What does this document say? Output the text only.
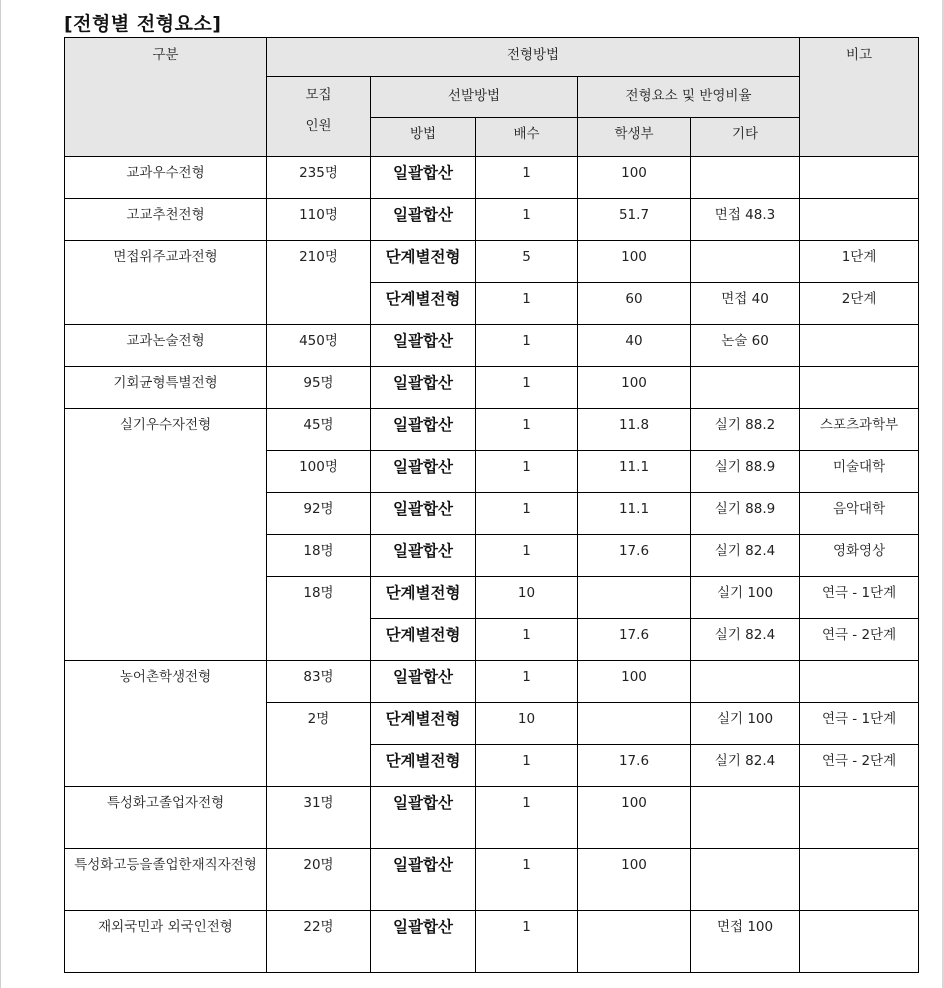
[전형별 전형요소]
구분	전형방법					비고

	모집
인원	선발방법		전형요소 및 반영비율		
		방법	배수	학생부	기타	
교과우수전형	235명	일괄합산	1	100		
고교추천전형	110명	일괄합산	1	51.7	면접 48.3	
면접위주교과전형	210명	단계별전형	5	100		1단계
		단계별전형	1	60	면접 40	2단계
교과논술전형	450명	일괄합산	1	40	논술 60	
기회균형특별전형	95명	일괄합산	1	100		
실기우수자전형	45명	일괄합산	1	11.8	실기 88.2	스포츠과학부
	100명	일괄합산	1	11.1	실기 88.9	미술대학
	92명	일괄합산	1	11.1	실기 88.9	음악대학
	18명	일괄합산	1	17.6	실기 82.4	영화영상
	18명	단계별전형	10		실기 100	연극 - 1단계
		단계별전형	1	17.6	실기 82.4	연극 - 2단계
농어촌학생전형	83명	일괄합산	1	100		
	2명	단계별전형	10		실기 100	연극 - 1단계
		단계별전형	1	17.6	실기 82.4	연극 - 2단계
특성화고졸업자전형	31명	일괄합산	1	100		
특성화고등을졸업한재직자전형	20명	일괄합산	1	100		
재외국민과 외국인전형	22명	일괄합산	1		면접 100	
